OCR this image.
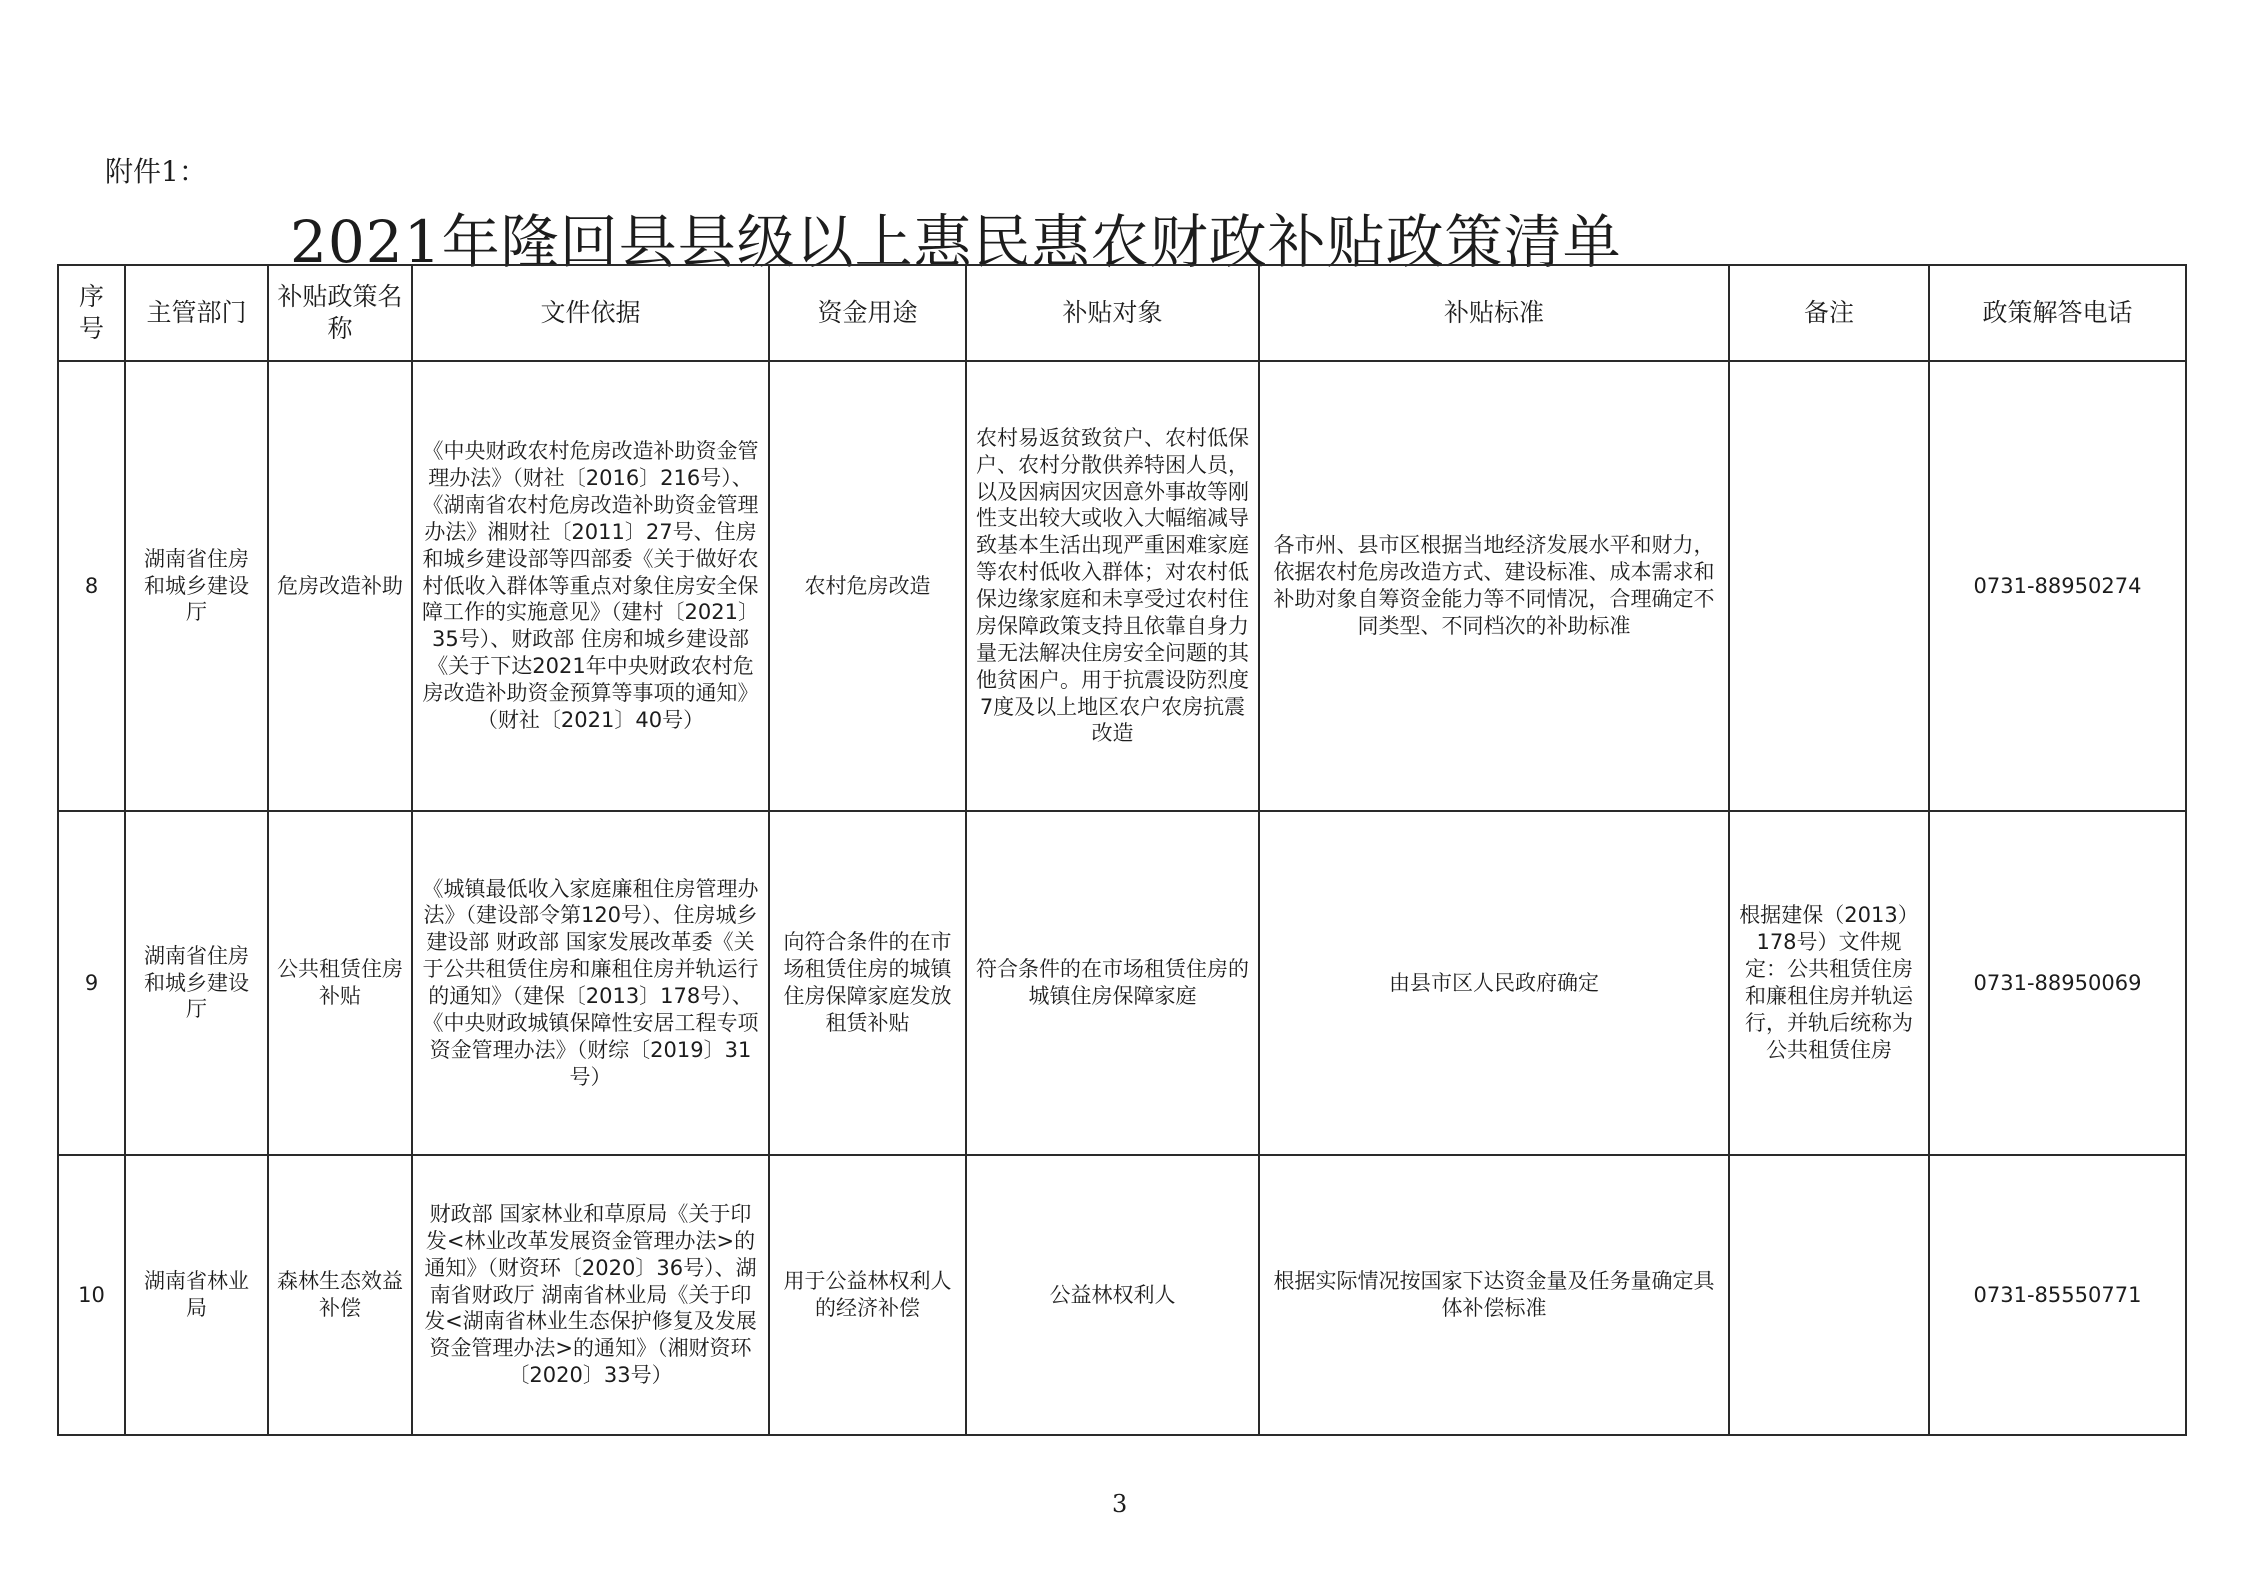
附件1：
2021年隆回县县级以上惠民惠农财政补贴政策清单
序号	主管部门	补贴政策名称	文件依据	资金用途	补贴对象	补贴标准	备注	政策解答电话
8	湖南省住房和城乡建设厅	危房改造补助	《中央财政农村危房改造补助资金管理办法》（财社〔2016〕216号）、《湖南省农村危房改造补助资金管理办法》湘财社〔2011〕27号、住房和城乡建设部等四部委《关于做好农村低收入群体等重点对象住房安全保障工作的实施意见》（建村〔2021〕35号）、财政部 住房和城乡建设部《关于下达2021年中央财政农村危房改造补助资金预算等事项的通知》（财社〔2021〕40号）	农村危房改造	农村易返贫致贫户、农村低保户、农村分散供养特困人员，以及因病因灾因意外事故等刚性支出较大或收入大幅缩减导致基本生活出现严重困难家庭等农村低收入群体；对农村低保边缘家庭和未享受过农村住房保障政策支持且依靠自身力量无法解决住房安全问题的其他贫困户。用于抗震设防烈度7度及以上地区农户农房抗震改造	各市州、县市区根据当地经济发展水平和财力，依据农村危房改造方式、建设标准、成本需求和补助对象自筹资金能力等不同情况，合理确定不同类型、不同档次的补助标准		0731-88950274
9	湖南省住房和城乡建设厅	公共租赁住房补贴	《城镇最低收入家庭廉租住房管理办法》（建设部令第120号）、住房城乡建设部 财政部 国家发展改革委《关于公共租赁住房和廉租住房并轨运行的通知》（建保〔2013〕178号）、《中央财政城镇保障性安居工程专项资金管理办法》（财综〔2019〕31号）	向符合条件的在市场租赁住房的城镇住房保障家庭发放租赁补贴	符合条件的在市场租赁住房的城镇住房保障家庭	由县市区人民政府确定	根据建保（2013）178号）文件规定：公共租赁住房和廉租住房并轨运行，并轨后统称为公共租赁住房	0731-88950069
10	湖南省林业局	森林生态效益补偿	财政部 国家林业和草原局《关于印发<林业改革发展资金管理办法>的通知》（财资环〔2020〕36号）、湖南省财政厅 湖南省林业局《关于印发<湖南省林业生态保护修复及发展资金管理办法>的通知》（湘财资环〔2020〕33号）	用于公益林权利人的经济补偿	公益林权利人	根据实际情况按国家下达资金量及任务量确定具体补偿标准		0731-85550771
3
